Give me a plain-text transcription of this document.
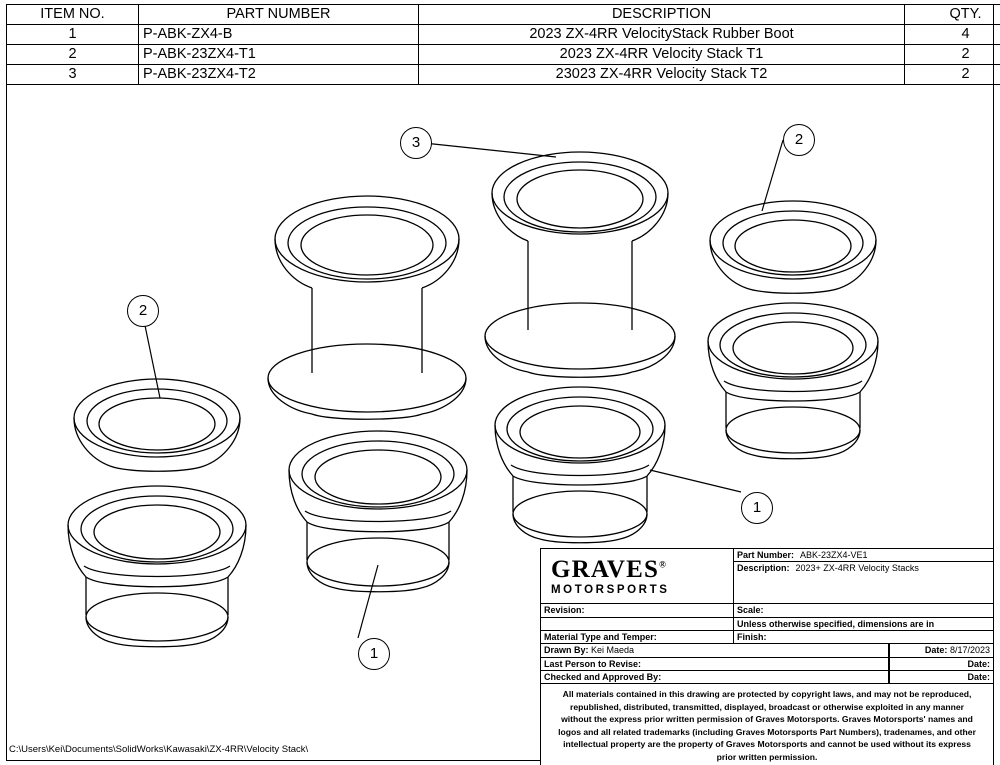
ITEM NO.	PART NUMBER	DESCRIPTION	QTY.
1	P-ABK-ZX4-B	2023 ZX-4RR VelocityStack Rubber Boot	4
2	P-ABK-23ZX4-T1	2023 ZX-4RR Velocity Stack T1	2
3	P-ABK-23ZX4-T2	23023 ZX-4RR Velocity Stack T2	2
3	2
2
1
1
GRAVES®
MOTORSPORTS
Part Number: ABK-23ZX4-VE1
Description: 2023+ ZX-4RR Velocity Stacks
Revision:	Scale:

Unless otherwise specified, dimensions are in
Material Type and Temper:	Finish:
Drawn By: Kei Maeda	Date: 8/17/2023
Last Person to Revise:	Date:
Checked and Approved By:	Date:
All materials contained in this drawing are protected by copyright laws, and may not be reproduced, republished, distributed, transmitted, displayed, broadcast or otherwise exploited in any manner without the express prior written permission of Graves Motorsports. Graves Motorsports' names and logos and all related trademarks (including Graves Motorsports Part Numbers), tradenames, and other intellectual property are the property of Graves Motorsports and cannot be used without its express prior written permission.
C:\Users\Kei\Documents\SolidWorks\Kawasaki\ZX-4RR\Velocity Stack\
